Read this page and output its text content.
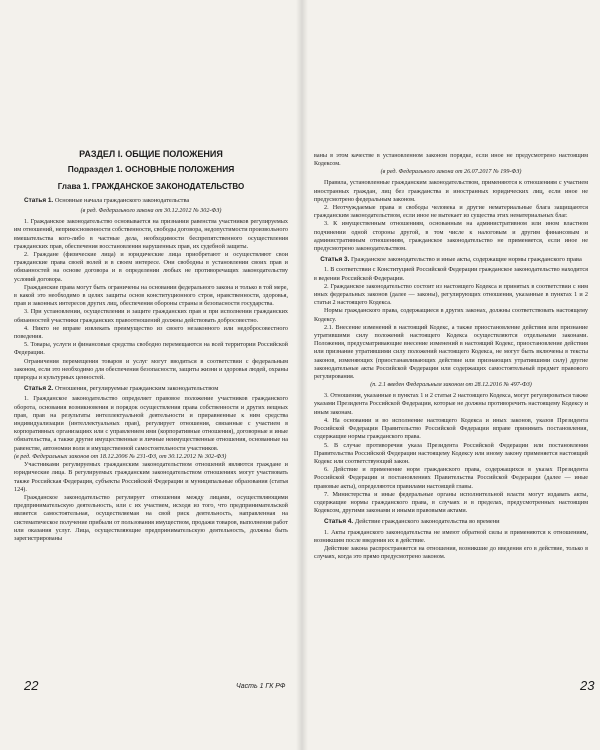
РАЗДЕЛ I. ОБЩИЕ ПОЛОЖЕНИЯ
Подраздел 1. ОСНОВНЫЕ ПОЛОЖЕНИЯ
Глава 1. ГРАЖДАНСКОЕ ЗАКОНОДАТЕЛЬСТВО
Статья 1. Основные начала гражданского законодательства
(в ред. Федерального закона от 30.12.2012 № 302-ФЗ)

1. Гражданское законодательство основывается на признании равенства участников регулируемых им отношений, неприкосновенности собственности, свободы договора, недопустимости произвольного вмешательства кого-либо в частные дела, необходимости беспрепятственного осуществления гражданских прав, обеспечения восстановления нарушенных прав, их судебной защиты.

2. Граждане (физические лица) и юридические лица приобретают и осуществляют свои гражданские права своей волей и в своем интересе. Они свободны в установлении своих прав и обязанностей на основе договора и в определении любых не противоречащих законодательству условий договора.

Гражданские права могут быть ограничены на основании федерального закона и только в той мере, в какой это необходимо в целях защиты основ конституционного строя, нравственности, здоровья, прав и законных интересов других лиц, обеспечения обороны страны и безопасности государства.

3. При установлении, осуществлении и защите гражданских прав и при исполнении гражданских обязанностей участники гражданских правоотношений должны действовать добросовестно.

4. Никто не вправе извлекать преимущество из своего незаконного или недобросовестного поведения.

5. Товары, услуги и финансовые средства свободно перемещаются на всей территории Российской Федерации.

Ограничения перемещения товаров и услуг могут вводиться в соответствии с федеральным законом, если это необходимо для обеспечения безопасности, защиты жизни и здоровья людей, охраны природы и культурных ценностей.

Статья 2. Отношения, регулируемые гражданским законодательством

1. Гражданское законодательство определяет правовое положение участников гражданского оборота, основания возникновения и порядок осуществления права собственности и других вещных прав, прав на результаты интеллектуальной деятельности и приравненные к ним средства индивидуализации (интеллектуальных прав), регулирует отношения, связанные с участием в корпоративных организациях или с управлением ими (корпоративные отношения), договорные и иные обязательства, а также другие имущественные и личные неимущественные отношения, основанные на равенстве, автономии воли и имущественной самостоятельности участников.

(в ред. Федеральных законов от 18.12.2006 № 231-ФЗ, от 30.12.2012 № 302-ФЗ)

Участниками регулируемых гражданским законодательством отношений являются граждане и юридические лица. В регулируемых гражданским законодательством отношениях могут участвовать также Российская Федерация, субъекты Российской Федерации и муниципальные образования (статья 124).

Гражданское законодательство регулирует отношения между лицами, осуществляющими предпринимательскую деятельность, или с их участием, исходя из того, что предпринимательской является самостоятельная, осуществляемая на свой риск деятельность, направленная на систематическое получение прибыли от пользования имуществом, продажи товаров, выполнения работ или оказания услуг. Лица, осуществляющие предпринимательскую деятельность, должны быть зарегистрированы

ваны в этом качестве в установленном законом порядке, если иное не предусмотрено настоящим Кодексом.

(в ред. Федерального закона от 26.07.2017 № 199-ФЗ)

Правила, установленные гражданским законодательством, применяются к отношениям с участием иностранных граждан, лиц без гражданства и иностранных юридических лиц, если иное не предусмотрено федеральным законом.

2. Неотчуждаемые права и свободы человека и другие нематериальные блага защищаются гражданским законодательством, если иное не вытекает из существа этих нематериальных благ.

3. К имущественным отношениям, основанным на административном или ином властном подчинении одной стороны другой, в том числе к налоговым и другим финансовым и административным отношениям, гражданское законодательство не применяется, если иное не предусмотрено законодательством.

Статья 3. Гражданское законодательство и иные акты, содержащие нормы гражданского права

1. В соответствии с Конституцией Российской Федерации гражданское законодательство находится в ведении Российской Федерации.

2. Гражданское законодательство состоит из настоящего Кодекса и принятых в соответствии с ним иных федеральных законов (далее — законы), регулирующих отношения, указанные в пунктах 1 и 2 статьи 2 настоящего Кодекса.

Нормы гражданского права, содержащиеся в других законах, должны соответствовать настоящему Кодексу.

2.1. Внесение изменений в настоящий Кодекс, а также приостановление действия или признание утратившими силу положений настоящего Кодекса осуществляются отдельными законами. Положения, предусматривающие внесение изменений в настоящий Кодекс, приостановление действия или признание утратившими силу положений настоящего Кодекса, не могут быть включены в тексты законов, изменяющих (приостанавливающих действие или признающих утратившими силу) другие законодательные акты Российской Федерации или содержащих самостоятельный предмет правового регулирования.

(п. 2.1 введен Федеральным законом от 28.12.2016 № 497-ФЗ)

3. Отношения, указанные в пунктах 1 и 2 статьи 2 настоящего Кодекса, могут регулироваться также указами Президента Российской Федерации, которые не должны противоречить настоящему Кодексу и иным законам.

4. На основании и во исполнение настоящего Кодекса и иных законов, указов Президента Российской Федерации Правительство Российской Федерации вправе принимать постановления, содержащие нормы гражданского права.

5. В случае противоречия указа Президента Российской Федерации или постановления Правительства Российской Федерации настоящему Кодексу или иному закону применяется настоящий Кодекс или соответствующий закон.

6. Действие и применение норм гражданского права, содержащихся в указах Президента Российской Федерации и постановлениях Правительства Российской Федерации (далее — иные правовые акты), определяются правилами настоящей главы.

7. Министерства и иные федеральные органы исполнительной власти могут издавать акты, содержащие нормы гражданского права, в случаях и в пределах, предусмотренных настоящим Кодексом, другими законами и иными правовыми актами.

Статья 4. Действие гражданского законодательства во времени

1. Акты гражданского законодательства не имеют обратной силы и применяются к отношениям, возникшим после введения их в действие.

Действие закона распространяется на отношения, возникшие до введения его в действие, только в случаях, когда это прямо предусмотрено законом.

22	Часть 1 ГК РФ	23
